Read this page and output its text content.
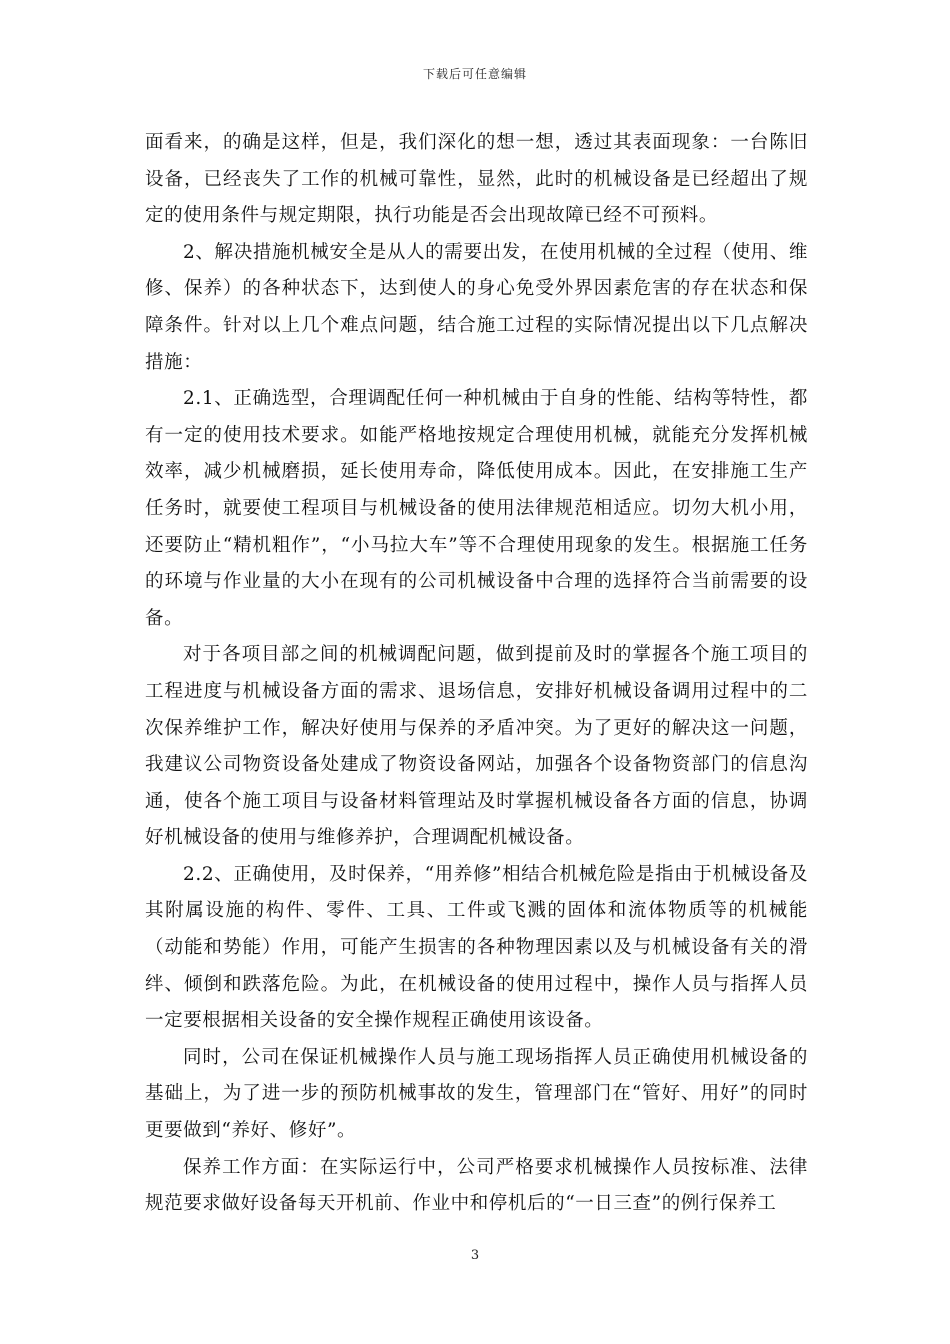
下载后可任意编辑

面看来，的确是这样，但是，我们深化的想一想，透过其表面现象：一台陈旧设备，已经丧失了工作的机械可靠性，显然，此时的机械设备是已经超出了规定的使用条件与规定期限，执行功能是否会出现故障已经不可预料。

2、解决措施机械安全是从人的需要出发，在使用机械的全过程（使用、维修、保养）的各种状态下，达到使人的身心免受外界因素危害的存在状态和保障条件。针对以上几个难点问题，结合施工过程的实际情况提出以下几点解决措施：

2.1、正确选型，合理调配任何一种机械由于自身的性能、结构等特性，都有一定的使用技术要求。如能严格地按规定合理使用机械，就能充分发挥机械效率，减少机械磨损，延长使用寿命，降低使用成本。因此，在安排施工生产任务时，就要使工程项目与机械设备的使用法律规范相适应。切勿大机小用，还要防止“精机粗作”，“小马拉大车”等不合理使用现象的发生。根据施工任务的环境与作业量的大小在现有的公司机械设备中合理的选择符合当前需要的设备。

对于各项目部之间的机械调配问题，做到提前及时的掌握各个施工项目的工程进度与机械设备方面的需求、退场信息，安排好机械设备调用过程中的二次保养维护工作，解决好使用与保养的矛盾冲突。为了更好的解决这一问题，我建议公司物资设备处建成了物资设备网站，加强各个设备物资部门的信息沟通，使各个施工项目与设备材料管理站及时掌握机械设备各方面的信息，协调好机械设备的使用与维修养护，合理调配机械设备。

2.2、正确使用，及时保养，“用养修”相结合机械危险是指由于机械设备及其附属设施的构件、零件、工具、工件或飞溅的固体和流体物质等的机械能（动能和势能）作用，可能产生损害的各种物理因素以及与机械设备有关的滑绊、倾倒和跌落危险。为此，在机械设备的使用过程中，操作人员与指挥人员一定要根据相关设备的安全操作规程正确使用该设备。

同时，公司在保证机械操作人员与施工现场指挥人员正确使用机械设备的基础上，为了进一步的预防机械事故的发生，管理部门在“管好、用好”的同时更要做到“养好、修好”。

保养工作方面：在实际运行中，公司严格要求机械操作人员按标准、法律规范要求做好设备每天开机前、作业中和停机后的“一日三查”的例行保养工

3
